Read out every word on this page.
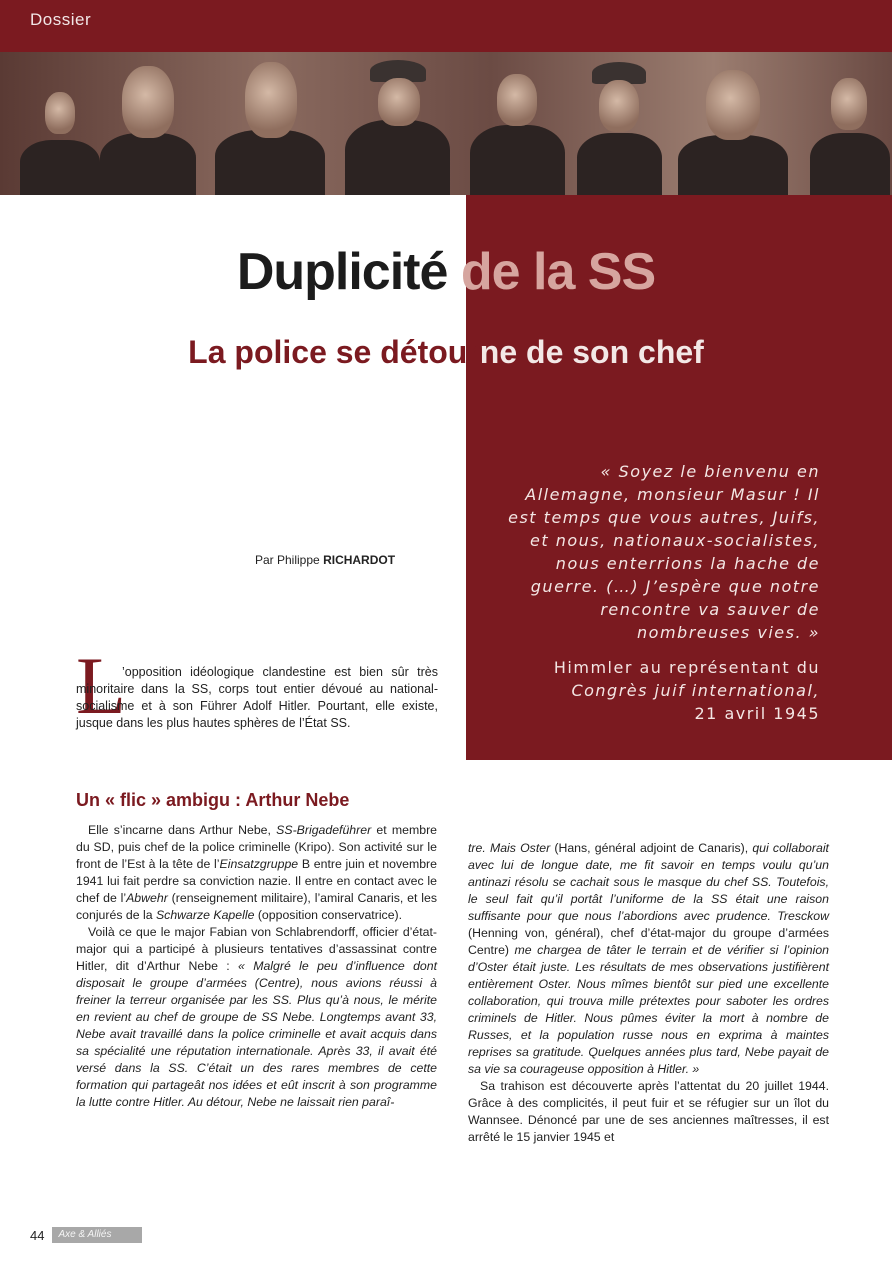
Dossier
Duplicité de la SS
La police se détourne de son chef
« Soyez le bienvenu en Allemagne, monsieur Masur ! Il est temps que vous autres, Juifs, et nous, nationaux-socialistes, nous enterrions la hache de guerre. (…) J’espère que notre rencontre va sauver de nombreuses vies. »
Himmler au représentant du
Congrès juif international,
21 avril 1945
Par Philippe RICHARDOT
L
’opposition idéologique clandestine est bien sûr très minoritaire dans la SS, corps tout entier dévoué au national-socialisme et à son Führer Adolf Hitler. Pourtant, elle existe, jusque dans les plus hautes sphères de l’État SS.
Un « flic » ambigu : Arthur Nebe

Elle s’incarne dans Arthur Nebe, SS-Brigadeführer et membre du SD, puis chef de la police criminelle (Kripo). Son activité sur le front de l’Est à la tête de l’Einsatzgruppe B entre juin et novembre 1941 lui fait perdre sa conviction nazie. Il entre en contact avec le chef de l’Abwehr (renseignement militaire), l’amiral Canaris, et les conjurés de la Schwarze Kapelle (opposition conservatrice).

Voilà ce que le major Fabian von Schlabrendorff, officier d’état-major qui a participé à plusieurs tentatives d’assassinat contre Hitler, dit d’Arthur Nebe : « Malgré le peu d’influence dont disposait le groupe d’armées (Centre), nous avions réussi à freiner la terreur organisée par les SS. Plus qu’à nous, le mérite en revient au chef de groupe de SS Nebe. Longtemps avant 33, Nebe avait travaillé dans la police criminelle et avait acquis dans sa spécialité une réputation internationale. Après 33, il avait été versé dans la SS. C’était un des rares membres de cette formation qui partageât nos idées et eût inscrit à son programme la lutte contre Hitler. Au détour, Nebe ne laissait rien paraî-

tre. Mais Oster (Hans, général adjoint de Canaris), qui collaborait avec lui de longue date, me fit savoir en temps voulu qu’un antinazi résolu se cachait sous le masque du chef SS. Toutefois, le seul fait qu’il portât l’uniforme de la SS était une raison suffisante pour que nous l’abordions avec prudence. Tresckow (Henning von, général), chef d’état-major du groupe d’armées Centre) me chargea de tâter le terrain et de vérifier si l’opinion d’Oster était juste. Les résultats de mes observations justifièrent entièrement Oster. Nous mîmes bientôt sur pied une excellente collaboration, qui trouva mille prétextes pour saboter les ordres criminels de Hitler. Nous pûmes éviter la mort à nombre de Russes, et la population russe nous en exprima à maintes reprises sa gratitude. Quelques années plus tard, Nebe payait de sa vie sa courageuse opposition à Hitler. »

Sa trahison est découverte après l’attentat du 20 juillet 1944. Grâce à des complicités, il peut fuir et se réfugier sur un îlot du Wannsee. Dénoncé par une de ses anciennes maîtresses, il est arrêté le 15 janvier 1945 et

44	Axe & Alliés
